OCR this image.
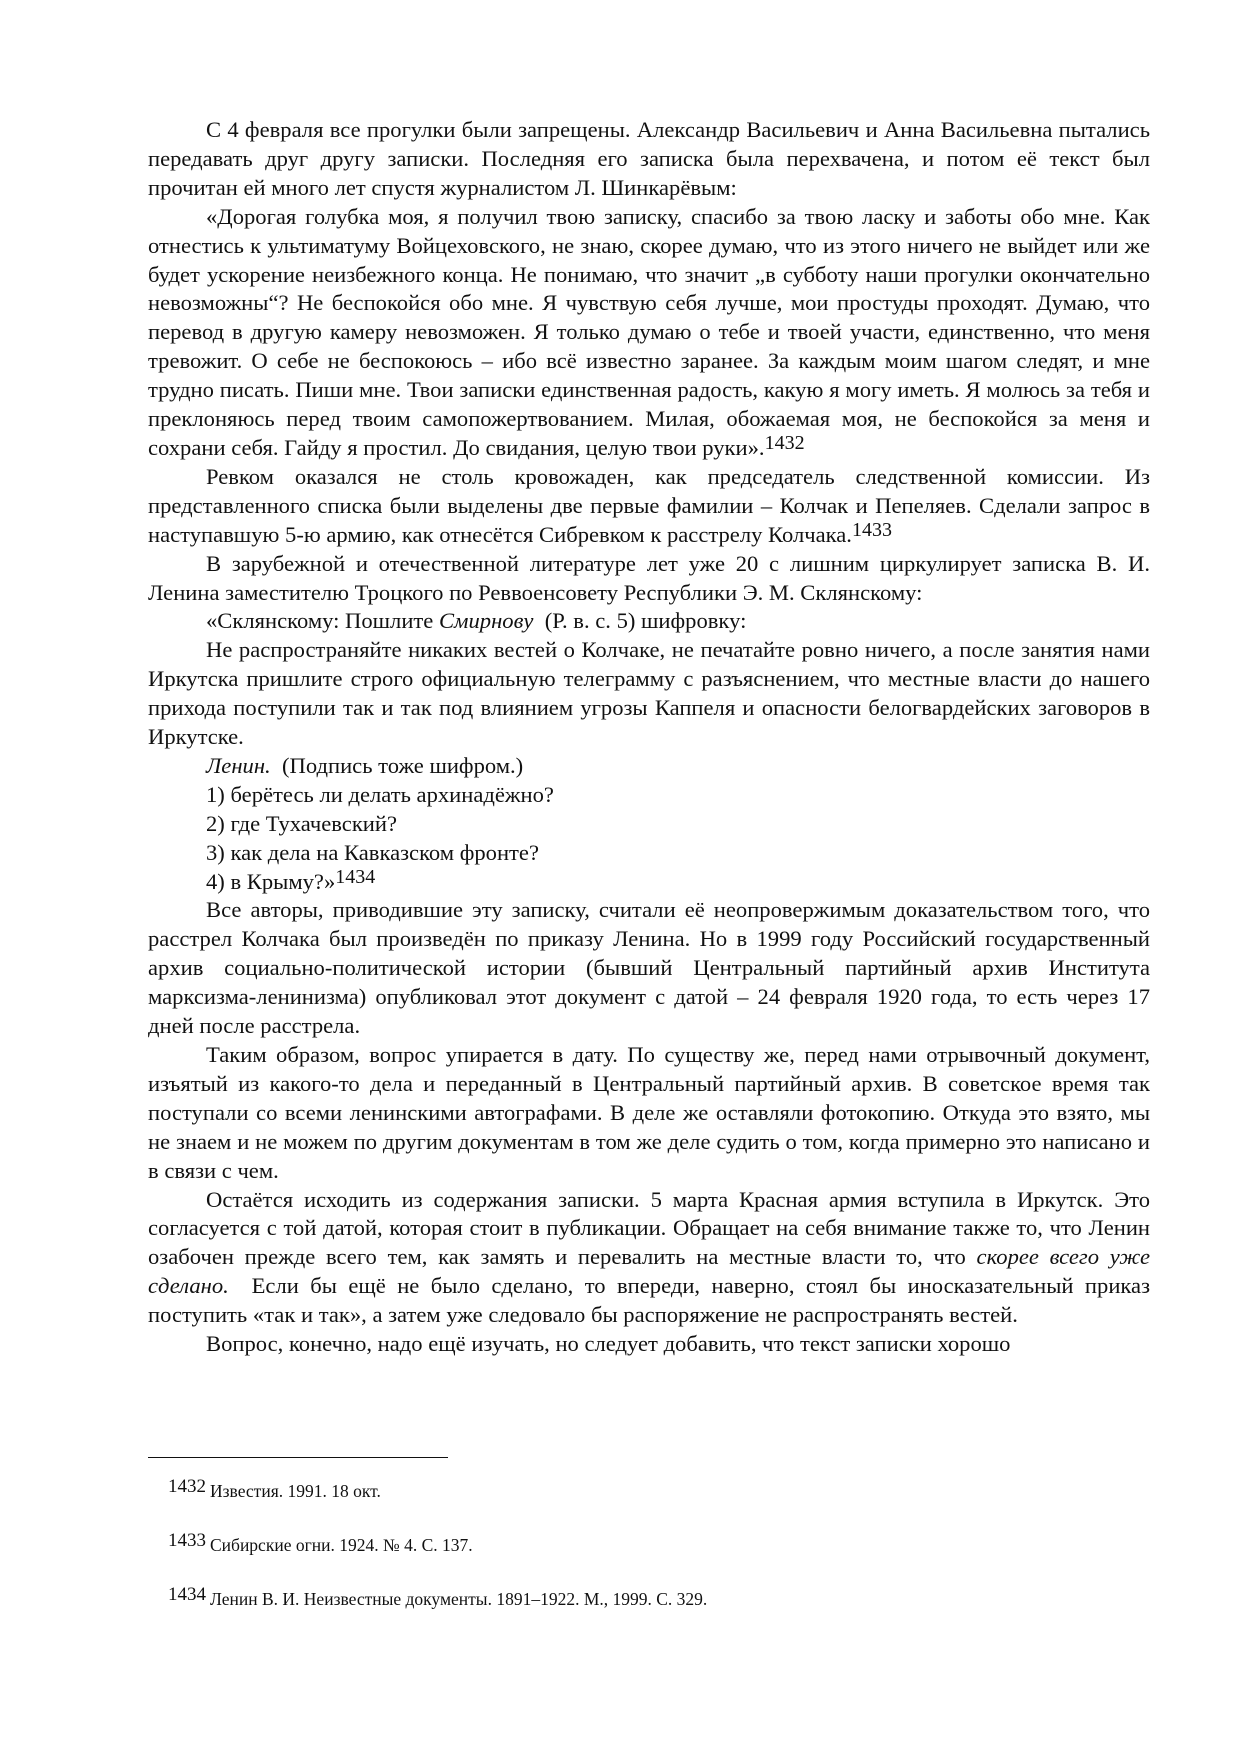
С 4 февраля все прогулки были запрещены. Александр Васильевич и Анна Васильевна пытались передавать друг другу записки. Последняя его записка была перехвачена, и потом её текст был прочитан ей много лет спустя журналистом Л. Шинкарёвым:

«Дорогая голубка моя, я получил твою записку, спасибо за твою ласку и заботы обо мне. Как отнестись к ультиматуму Войцеховского, не знаю, скорее думаю, что из этого ничего не выйдет или же будет ускорение неизбежного конца. Не понимаю, что значит „в субботу наши прогулки окончательно невозможны“? Не беспокойся обо мне. Я чувствую себя лучше, мои простуды проходят. Думаю, что перевод в другую камеру невозможен. Я только думаю о тебе и твоей участи, единственно, что меня тревожит. О себе не беспокоюсь – ибо всё известно заранее. За каждым моим шагом следят, и мне трудно писать. Пиши мне. Твои записки единственная радость, какую я могу иметь. Я молюсь за тебя и преклоняюсь перед твоим самопожертвованием. Милая, обожаемая моя, не беспокойся за меня и сохрани себя. Гайду я простил. До свидания, целую твои руки».$^{1432}$

Ревком оказался не столь кровожаден, как председатель следственной комиссии. Из представленного списка были выделены две первые фамилии – Колчак и Пепеляев. Сделали запрос в наступавшую 5-ю армию, как отнесётся Сибревком к расстрелу Колчака.$^{1433}$

В зарубежной и отечественной литературе лет уже 20 с лишним циркулирует записка В. И. Ленина заместителю Троцкого по Реввоенсовету Республики Э. М. Склянскому:

«Склянскому: Пошлите Смирнову (Р. в. с. 5) шифровку:

Не распространяйте никаких вестей о Колчаке, не печатайте ровно ничего, а после занятия нами Иркутска пришлите строго официальную телеграмму с разъяснением, что местные власти до нашего прихода поступили так и так под влиянием угрозы Каппеля и опасности белогвардейских заговоров в Иркутске.

Ленин. (Подпись тоже шифром.)

1) берётесь ли делать архинадёжно?

2) где Тухачевский?

3) как дела на Кавказском фронте?

4) в Крыму?»$^{1434}$

Все авторы, приводившие эту записку, считали её неопровержимым доказательством того, что расстрел Колчака был произведён по приказу Ленина. Но в 1999 году Российский государственный архив социально-политической истории (бывший Центральный партийный архив Института марксизма-ленинизма) опубликовал этот документ с датой – 24 февраля 1920 года, то есть через 17 дней после расстрела.

Таким образом, вопрос упирается в дату. По существу же, перед нами отрывочный документ, изъятый из какого-то дела и переданный в Центральный партийный архив. В советское время так поступали со всеми ленинскими автографами. В деле же оставляли фотокопию. Откуда это взято, мы не знаем и не можем по другим документам в том же деле судить о том, когда примерно это написано и в связи с чем.

Остаётся исходить из содержания записки. 5 марта Красная армия вступила в Иркутск. Это согласуется с той датой, которая стоит в публикации. Обращает на себя внимание также то, что Ленин озабочен прежде всего тем, как замять и перевалить на местные власти то, что скорее всего уже сделано. Если бы ещё не было сделано, то впереди, наверно, стоял бы иносказательный приказ поступить «так и так», а затем уже следовало бы распоряжение не распространять вестей.

Вопрос, конечно, надо ещё изучать, но следует добавить, что текст записки хорошо

$^{1432}$ Известия. 1991. 18 окт.
$^{1433}$ Сибирские огни. 1924. № 4. С. 137.
$^{1434}$ Ленин В. И. Неизвестные документы. 1891–1922. М., 1999. С. 329.
